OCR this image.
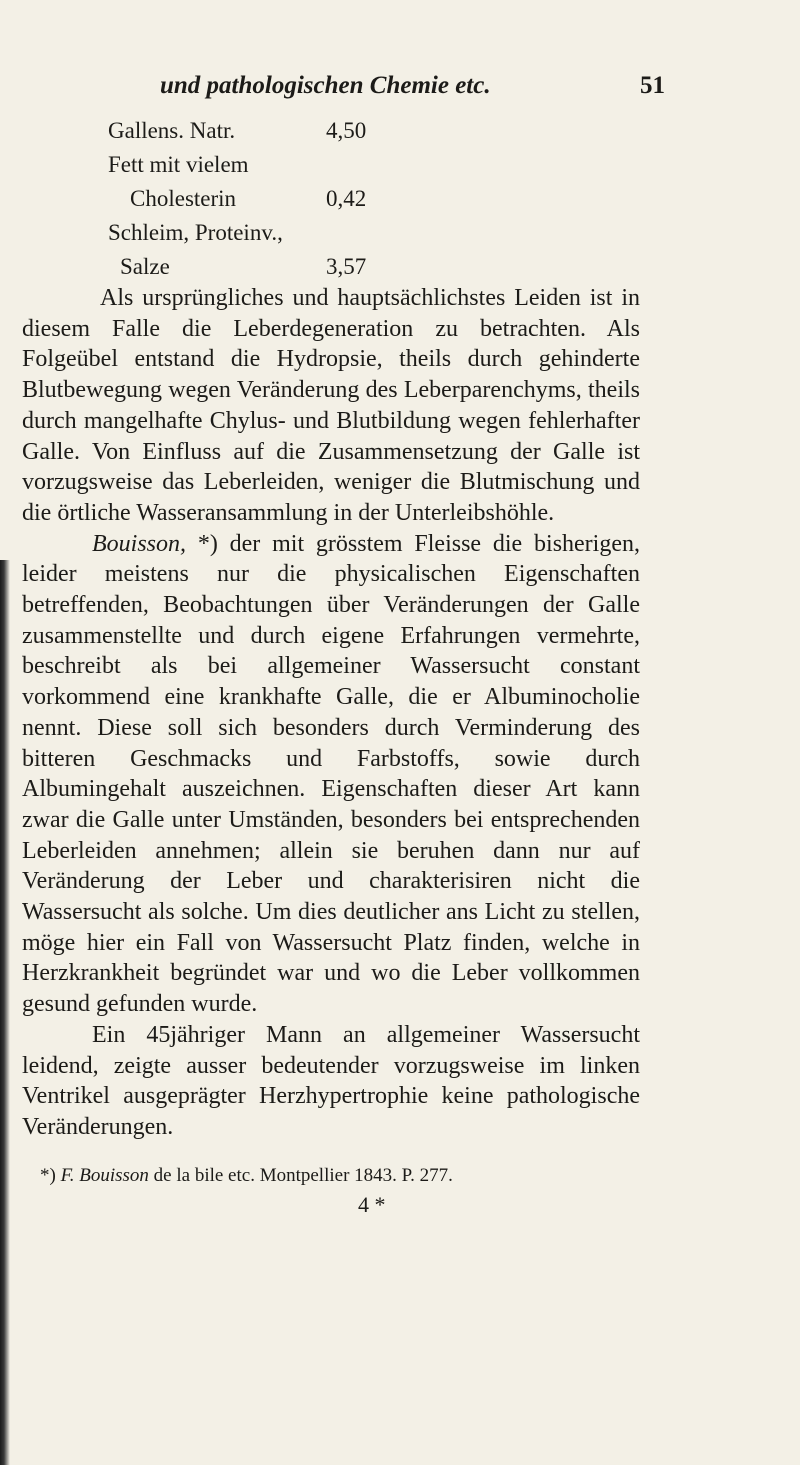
und pathologischen Chemie etc.	51
Gallens. Natr.	4,50
Fett mit vielem
Cholesterin	0,42
Schleim, Proteinv.,
Salze	3,57

Als ursprüngliches und hauptsächlichstes Leiden ist in diesem Falle die Leberdegeneration zu betrachten. Als Folgeübel entstand die Hydropsie, theils durch gehinderte Blutbewegung wegen Veränderung des Leberparenchyms, theils durch mangelhafte Chylus- und Blutbildung wegen fehlerhafter Galle. Von Einfluss auf die Zusammensetzung der Galle ist vorzugsweise das Leberleiden, weniger die Blutmischung und die örtliche Wasseransammlung in der Unterleibshöhle.

Bouisson, *) der mit grösstem Fleisse die bisherigen, leider meistens nur die physicalischen Eigenschaften betreffenden, Beobachtungen über Veränderungen der Galle zusammenstellte und durch eigene Erfahrungen vermehrte, beschreibt als bei allgemeiner Wassersucht constant vorkommend eine krankhafte Galle, die er Albuminocholie nennt. Diese soll sich besonders durch Verminderung des bitteren Geschmacks und Farbstoffs, sowie durch Albumingehalt auszeichnen. Eigenschaften dieser Art kann zwar die Galle unter Umständen, besonders bei entsprechenden Leberleiden annehmen; allein sie beruhen dann nur auf Veränderung der Leber und charakterisiren nicht die Wassersucht als solche. Um dies deutlicher ans Licht zu stellen, möge hier ein Fall von Wassersucht Platz finden, welche in Herzkrankheit begründet war und wo die Leber vollkommen gesund gefunden wurde.

Ein 45jähriger Mann an allgemeiner Wassersucht leidend, zeigte ausser bedeutender vorzugsweise im linken Ventrikel ausgeprägter Herzhypertrophie keine pathologische Veränderungen.

*) F. Bouisson de la bile etc. Montpellier 1843. P. 277.
4 *
